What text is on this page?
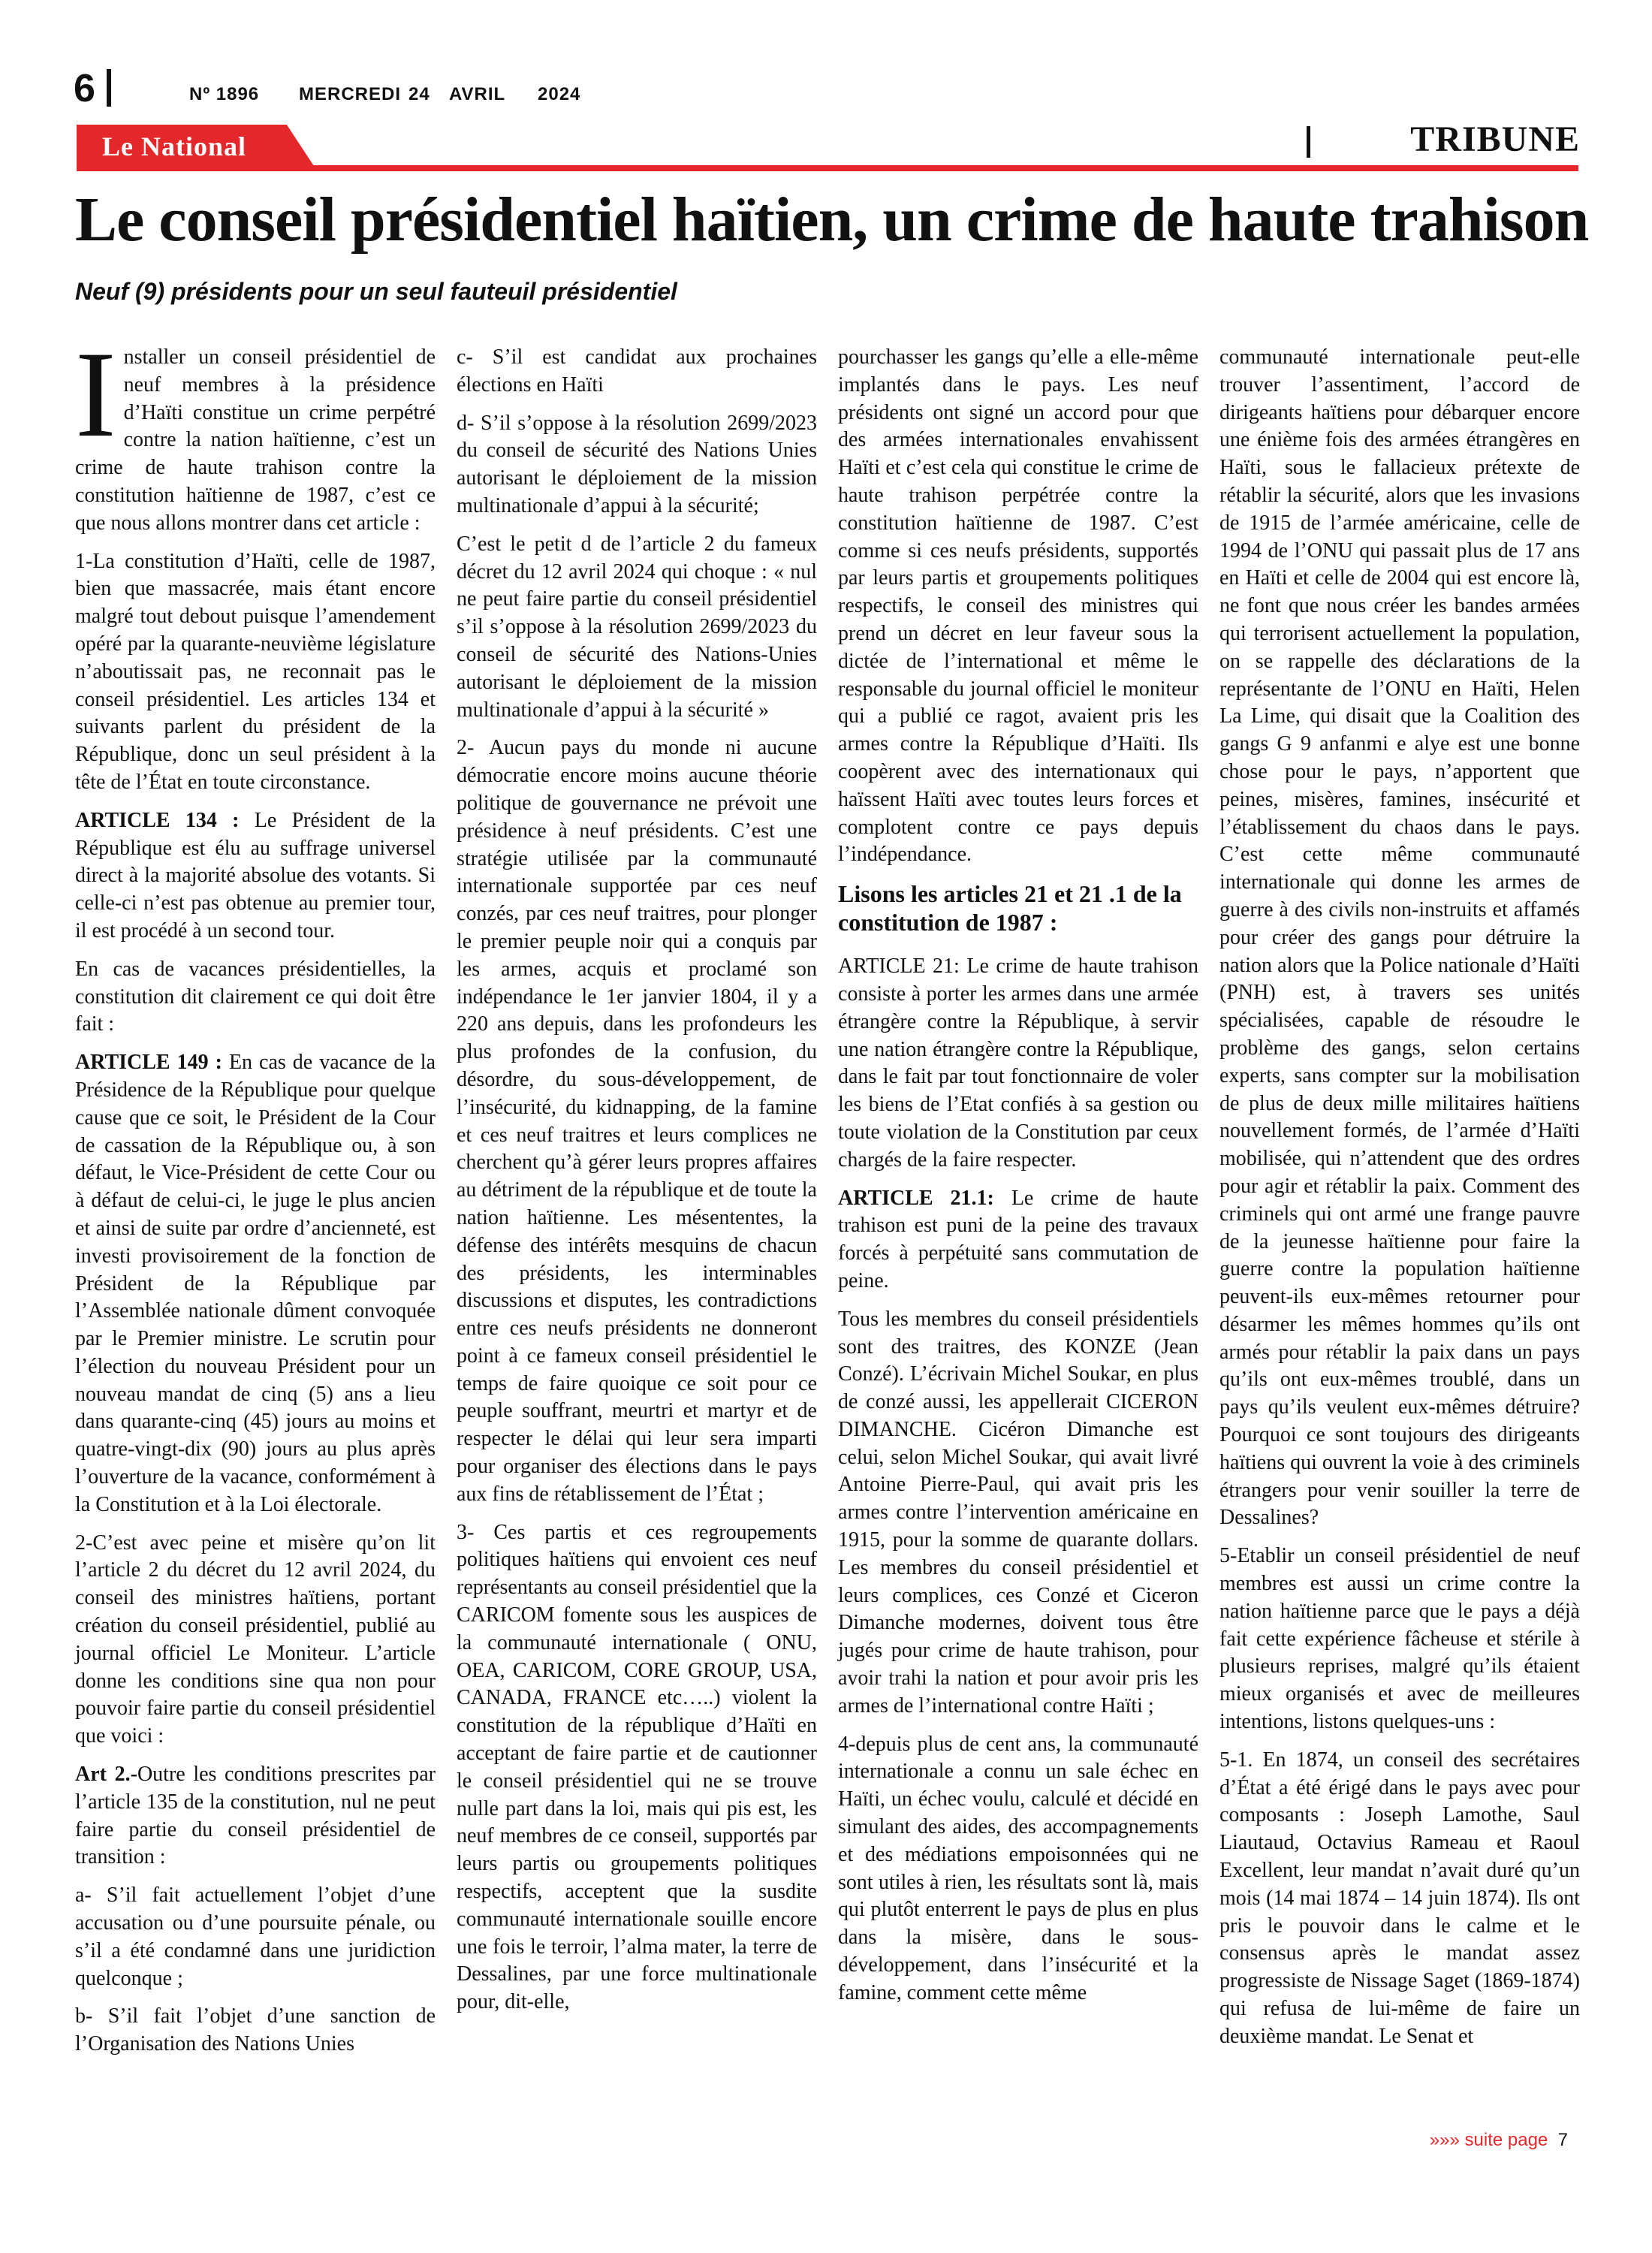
6	Nº 1896 MERCREDI 24 AVRIL 2024
Le National	TRIBUNE
Le conseil présidentiel haïtien, un crime de haute trahison
Neuf (9) présidents pour un seul fauteuil présidentiel

Installer un conseil présidentiel de neuf membres à la présidence d’Haïti constitue un crime perpétré contre la nation haïtienne, c’est un crime de haute trahison contre la constitution haïtienne de 1987, c’est ce que nous allons montrer dans cet article :

1-La constitution d’Haïti, celle de 1987, bien que massacrée, mais étant encore malgré tout debout puisque l’amendement opéré par la quarante-neuvième législature n’aboutissait pas, ne reconnait pas le conseil présidentiel. Les articles 134 et suivants parlent du président de la République, donc un seul président à la tête de l’État en toute circonstance.

ARTICLE 134 : Le Président de la République est élu au suffrage universel direct à la majorité absolue des votants. Si celle-ci n’est pas obtenue au premier tour, il est procédé à un second tour.

En cas de vacances présidentielles, la constitution dit clairement ce qui doit être fait :

ARTICLE 149 : En cas de vacance de la Présidence de la République pour quelque cause que ce soit, le Président de la Cour de cassation de la République ou, à son défaut, le Vice-Président de cette Cour ou à défaut de celui-ci, le juge le plus ancien et ainsi de suite par ordre d’ancienneté, est investi provisoirement de la fonction de Président de la République par l’Assemblée nationale dûment convoquée par le Premier ministre. Le scrutin pour l’élection du nouveau Président pour un nouveau mandat de cinq (5) ans a lieu dans quarante-cinq (45) jours au moins et quatre-vingt-dix (90) jours au plus après l’ouverture de la vacance, conformément à la Constitution et à la Loi électorale.

2-C’est avec peine et misère qu’on lit l’article 2 du décret du 12 avril 2024, du conseil des ministres haïtiens, portant création du conseil présidentiel, publié au journal officiel Le Moniteur. L’article donne les conditions sine qua non pour pouvoir faire partie du conseil présidentiel que voici :

Art 2.-Outre les conditions prescrites par l’article 135 de la constitution, nul ne peut faire partie du conseil présidentiel de transition :

a- S’il fait actuellement l’objet d’une accusation ou d’une poursuite pénale, ou s’il a été condamné dans une juridiction quelconque ;

b- S’il fait l’objet d’une sanction de l’Organisation des Nations Unies

c- S’il est candidat aux prochaines élections en Haïti

d- S’il s’oppose à la résolution 2699/2023 du conseil de sécurité des Nations Unies autorisant le déploiement de la mission multinationale d’appui à la sécurité;

C’est le petit d de l’article 2 du fameux décret du 12 avril 2024 qui choque : « nul ne peut faire partie du conseil présidentiel s’il s’oppose à la résolution 2699/2023 du conseil de sécurité des Nations-Unies autorisant le déploiement de la mission multinationale d’appui à la sécurité »

2- Aucun pays du monde ni aucune démocratie encore moins aucune théorie politique de gouvernance ne prévoit une présidence à neuf présidents. C’est une stratégie utilisée par la communauté internationale supportée par ces neuf conzés, par ces neuf traitres, pour plonger le premier peuple noir qui a conquis par les armes, acquis et proclamé son indépendance le 1er janvier 1804, il y a 220 ans depuis, dans les profondeurs les plus profondes de la confusion, du désordre, du sous-développement, de l’insécurité, du kidnapping, de la famine et ces neuf traitres et leurs complices ne cherchent qu’à gérer leurs propres affaires au détriment de la république et de toute la nation haïtienne. Les mésententes, la défense des intérêts mesquins de chacun des présidents, les interminables discussions et disputes, les contradictions entre ces neufs présidents ne donneront point à ce fameux conseil présidentiel le temps de faire quoique ce soit pour ce peuple souffrant, meurtri et martyr et de respecter le délai qui leur sera imparti pour organiser des élections dans le pays aux fins de rétablissement de l’État ;

3- Ces partis et ces regroupements politiques haïtiens qui envoient ces neuf représentants au conseil présidentiel que la CARICOM fomente sous les auspices de la communauté internationale ( ONU, OEA, CARICOM, CORE GROUP, USA, CANADA, FRANCE etc…..) violent la constitution de la république d’Haïti en acceptant de faire partie et de cautionner le conseil présidentiel qui ne se trouve nulle part dans la loi, mais qui pis est, les neuf membres de ce conseil, supportés par leurs partis ou groupements politiques respectifs, acceptent que la susdite communauté internationale souille encore une fois le terroir, l’alma mater, la terre de Dessalines, par une force multinationale pour, dit-elle,

pourchasser les gangs qu’elle a elle-même implantés dans le pays. Les neuf présidents ont signé un accord pour que des armées internationales envahissent Haïti et c’est cela qui constitue le crime de haute trahison perpétrée contre la constitution haïtienne de 1987. C’est comme si ces neufs présidents, supportés par leurs partis et groupements politiques respectifs, le conseil des ministres qui prend un décret en leur faveur sous la dictée de l’international et même le responsable du journal officiel le moniteur qui a publié ce ragot, avaient pris les armes contre la République d’Haïti. Ils coopèrent avec des internationaux qui haïssent Haïti avec toutes leurs forces et complotent contre ce pays depuis l’indépendance.

Lisons les articles 21 et 21 .1 de la constitution de 1987 :

ARTICLE 21: Le crime de haute trahison consiste à porter les armes dans une armée étrangère contre la République, à servir une nation étrangère contre la République, dans le fait par tout fonctionnaire de voler les biens de l’Etat confiés à sa gestion ou toute violation de la Constitution par ceux chargés de la faire respecter.

ARTICLE 21.1: Le crime de haute trahison est puni de la peine des travaux forcés à perpétuité sans commutation de peine.

Tous les membres du conseil présidentiels sont des traitres, des KONZE (Jean Conzé). L’écrivain Michel Soukar, en plus de conzé aussi, les appellerait CICERON DIMANCHE. Cicéron Dimanche est celui, selon Michel Soukar, qui avait livré Antoine Pierre-Paul, qui avait pris les armes contre l’intervention américaine en 1915, pour la somme de quarante dollars. Les membres du conseil présidentiel et leurs complices, ces Conzé et Ciceron Dimanche modernes, doivent tous être jugés pour crime de haute trahison, pour avoir trahi la nation et pour avoir pris les armes de l’international contre Haïti ;

4-depuis plus de cent ans, la communauté internationale a connu un sale échec en Haïti, un échec voulu, calculé et décidé en simulant des aides, des accompagnements et des médiations empoisonnées qui ne sont utiles à rien, les résultats sont là, mais qui plutôt enterrent le pays de plus en plus dans la misère, dans le sous-développement, dans l’insécurité et la famine, comment cette même

communauté internationale peut-elle trouver l’assentiment, l’accord de dirigeants haïtiens pour débarquer encore une énième fois des armées étrangères en Haïti, sous le fallacieux prétexte de rétablir la sécurité, alors que les invasions de 1915 de l’armée américaine, celle de 1994 de l’ONU qui passait plus de 17 ans en Haïti et celle de 2004 qui est encore là, ne font que nous créer les bandes armées qui terrorisent actuellement la population, on se rappelle des déclarations de la représentante de l’ONU en Haïti, Helen La Lime, qui disait que la Coalition des gangs G 9 anfanmi e alye est une bonne chose pour le pays, n’apportent que peines, misères, famines, insécurité et l’établissement du chaos dans le pays. C’est cette même communauté internationale qui donne les armes de guerre à des civils non-instruits et affamés pour créer des gangs pour détruire la nation alors que la Police nationale d’Haïti (PNH) est, à travers ses unités spécialisées, capable de résoudre le problème des gangs, selon certains experts, sans compter sur la mobilisation de plus de deux mille militaires haïtiens nouvellement formés, de l’armée d’Haïti mobilisée, qui n’attendent que des ordres pour agir et rétablir la paix. Comment des criminels qui ont armé une frange pauvre de la jeunesse haïtienne pour faire la guerre contre la population haïtienne peuvent-ils eux-mêmes retourner pour désarmer les mêmes hommes qu’ils ont armés pour rétablir la paix dans un pays qu’ils ont eux-mêmes troublé, dans un pays qu’ils veulent eux-mêmes détruire? Pourquoi ce sont toujours des dirigeants haïtiens qui ouvrent la voie à des criminels étrangers pour venir souiller la terre de Dessalines?

5-Etablir un conseil présidentiel de neuf membres est aussi un crime contre la nation haïtienne parce que le pays a déjà fait cette expérience fâcheuse et stérile à plusieurs reprises, malgré qu’ils étaient mieux organisés et avec de meilleures intentions, listons quelques-uns :

5-1. En 1874, un conseil des secrétaires d’État a été érigé dans le pays avec pour composants : Joseph Lamothe, Saul Liautaud, Octavius Rameau et Raoul Excellent, leur mandat n’avait duré qu’un mois (14 mai 1874 – 14 juin 1874). Ils ont pris le pouvoir dans le calme et le consensus après le mandat assez progressiste de Nissage Saget (1869-1874) qui refusa de lui-même de faire un deuxième mandat. Le Senat et

»»» suite page 7
